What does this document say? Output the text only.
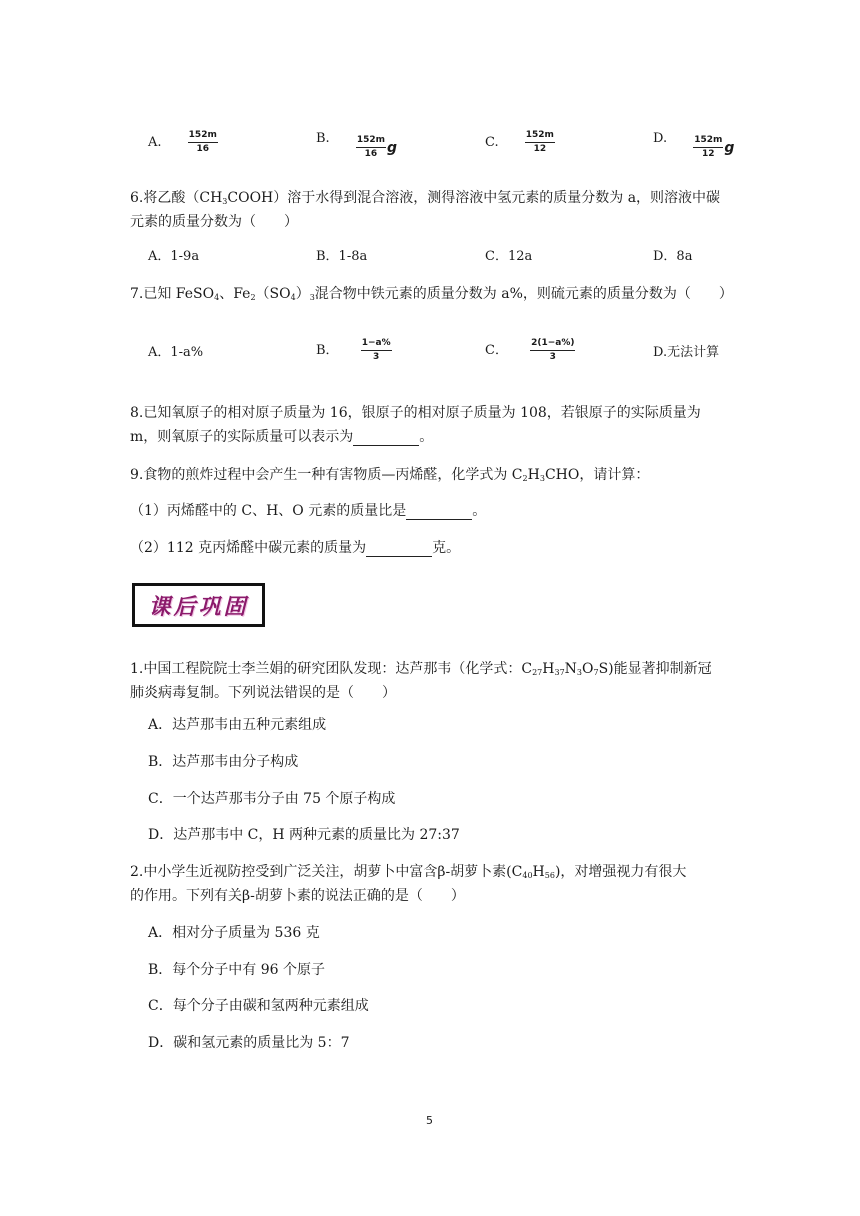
A.	$\frac{152m}{16}$	B.	$\frac{152m}{16}$ g	C.	$\frac{152m}{12}$	D.	$\frac{152m}{12}$ g
6.将乙酸$(CH_3COOH)$溶于水得到混合溶液，测得溶液中氢元素的质量分数为 a，则溶液中碳
元素的质量分数为（　　）
A．1-9a	B．1-8a	C．12a	D．8a
7.已知 FeSO$_4$、$Fe_2(SO_4)_3$混合物中铁元素的质量分数为 a%，则硫元素的质量分数为（　　）
A．1-a%	B． $\frac{1-a\%}{3}$	C． $\frac{2(1-a\%)}{3}$	D.无法计算
8.已知氧原子的相对原子质量为 16，银原子的相对原子质量为 108，若银原子的实际质量为
m，则氧原子的实际质量可以表示为	。
9.食物的煎炸过程中会产生一种有害物质—丙烯醛，化学式为 $C_2H_3CHO$，请计算：
（1）丙烯醛中的 C、H、O 元素的质量比是	。
（2）112 克丙烯醛中碳元素的质量为	克。
课后巩固
1.中国工程院院士李兰娟的研究团队发现：达芦那韦（化学式：$C_{27}H_{37}N_3O_7S$)能显著抑制新冠
肺炎病毒复制。下列说法错误的是（　　）
A．达芦那韦由五种元素组成
B．达芦那韦由分子构成
C．一个达芦那韦分子由 75 个原子构成
D．达芦那韦中 C，H 两种元素的质量比为 27:37
2.中小学生近视防控受到广泛关注，胡萝卜中富含β-胡萝卜素$(C_{40}H_{56})$，对增强视力有很大
的作用。下列有关β-胡萝卜素的说法正确的是（　　）
A．相对分子质量为 536 克
B．每个分子中有 96 个原子
C．每个分子由碳和氢两种元素组成
D．碳和氢元素的质量比为 5：7
5
